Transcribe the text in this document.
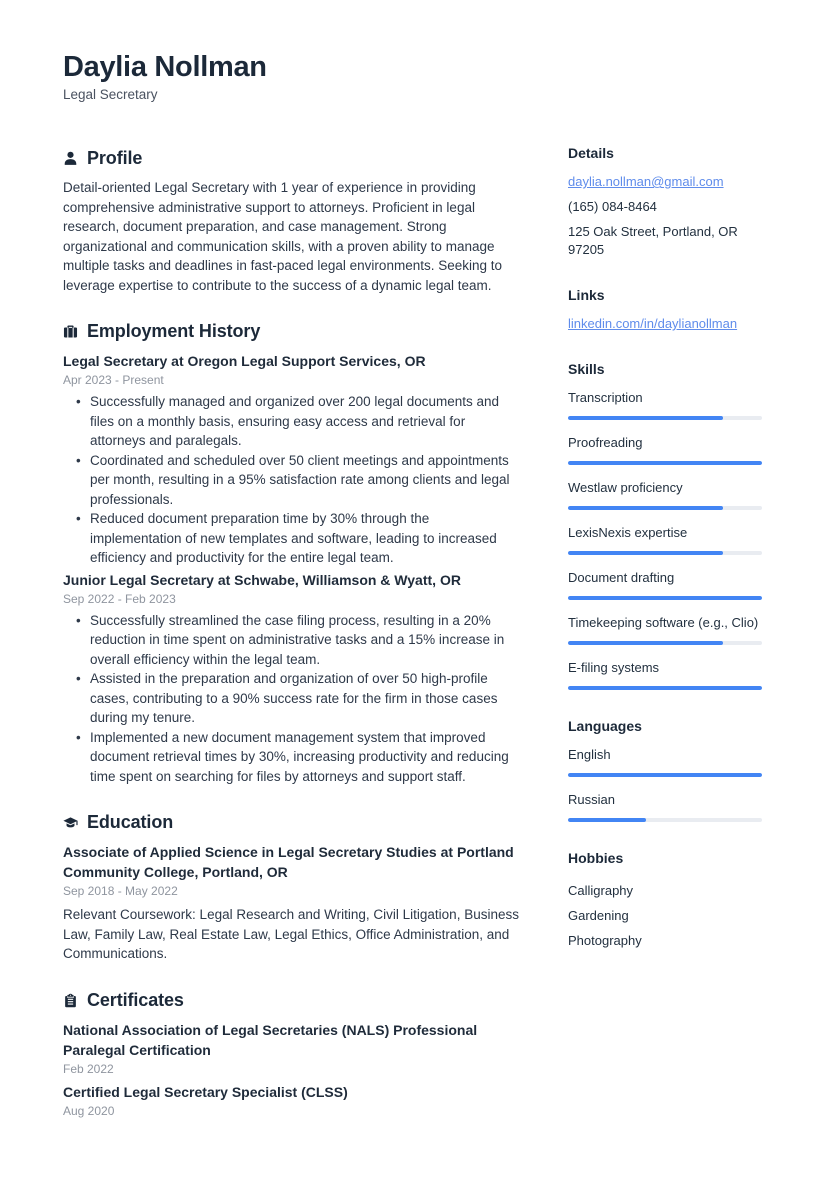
Daylia Nollman
Legal Secretary
Profile
Detail-oriented Legal Secretary with 1 year of experience in providing comprehensive administrative support to attorneys. Proficient in legal research, document preparation, and case management. Strong organizational and communication skills, with a proven ability to manage multiple tasks and deadlines in fast-paced legal environments. Seeking to leverage expertise to contribute to the success of a dynamic legal team.
Employment History
Legal Secretary at Oregon Legal Support Services, OR
Apr 2023 - Present
• Successfully managed and organized over 200 legal documents and files on a monthly basis, ensuring easy access and retrieval for attorneys and paralegals.
• Coordinated and scheduled over 50 client meetings and appointments per month, resulting in a 95% satisfaction rate among clients and legal professionals.
• Reduced document preparation time by 30% through the implementation of new templates and software, leading to increased efficiency and productivity for the entire legal team.
Junior Legal Secretary at Schwabe, Williamson & Wyatt, OR
Sep 2022 - Feb 2023
• Successfully streamlined the case filing process, resulting in a 20% reduction in time spent on administrative tasks and a 15% increase in overall efficiency within the legal team.
• Assisted in the preparation and organization of over 50 high-profile cases, contributing to a 90% success rate for the firm in those cases during my tenure.
• Implemented a new document management system that improved document retrieval times by 30%, increasing productivity and reducing time spent on searching for files by attorneys and support staff.
Education
Associate of Applied Science in Legal Secretary Studies at Portland Community College, Portland, OR
Sep 2018 - May 2022
Relevant Coursework: Legal Research and Writing, Civil Litigation, Business Law, Family Law, Real Estate Law, Legal Ethics, Office Administration, and Communications.
Certificates
National Association of Legal Secretaries (NALS) Professional Paralegal Certification
Feb 2022
Certified Legal Secretary Specialist (CLSS)
Aug 2020
Details
daylia.nollman@gmail.com
(165) 084-8464
125 Oak Street, Portland, OR 97205
Links
linkedin.com/in/daylianollman
Skills
Transcription
Proofreading
Westlaw proficiency
LexisNexis expertise
Document drafting
Timekeeping software (e.g., Clio)
E-filing systems
Languages
English
Russian
Hobbies
Calligraphy
Gardening
Photography
